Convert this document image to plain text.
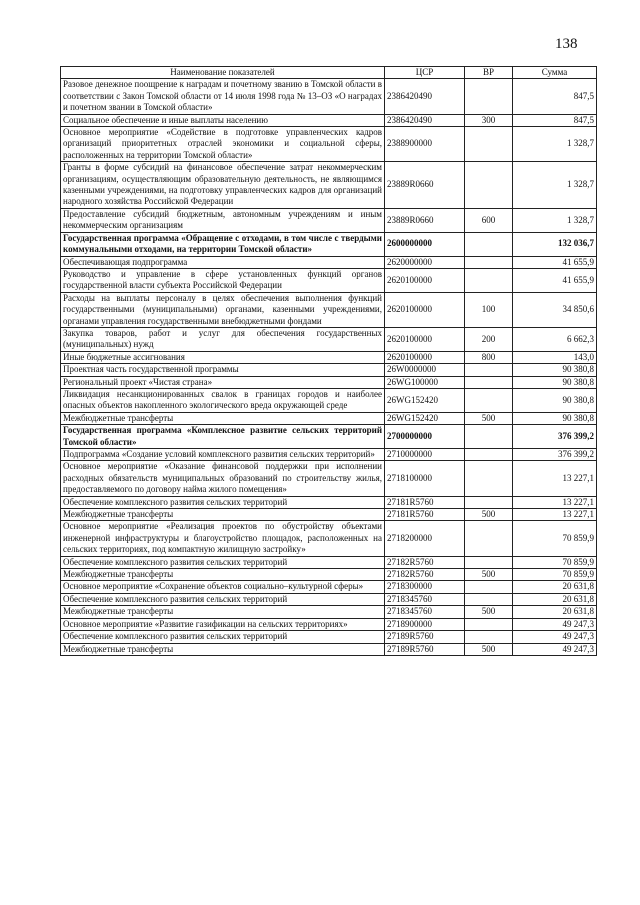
138
Наименование показателей	ЦСР	ВР	Сумма
Разовое денежное поощрение к наградам и почетному званию в Томской области в соответствии с Закон Томской области от 14 июля 1998 года № 13–ОЗ «О наградах и почетном звании в Томской области»	2386420490		847,5
Социальное обеспечение и иные выплаты населению	2386420490	300	847,5
Основное мероприятие «Содействие в подготовке управленческих кадров организаций приоритетных отраслей экономики и социальной сферы, расположенных на территории Томской области»	2388900000		1 328,7
Гранты в форме субсидий на финансовое обеспечение затрат некоммерческим организациям, осуществляющим образовательную деятельность, не являющимся казенными учреждениями, на подготовку управленческих кадров для организаций народного хозяйства Российской Федерации	23889R0660		1 328,7
Предоставление субсидий бюджетным, автономным учреждениям и иным некоммерческим организациям	23889R0660	600	1 328,7
Государственная программа «Обращение с отходами, в том числе с твердыми коммунальными отходами, на территории Томской области»	2600000000		132 036,7
Обеспечивающая подпрограмма	2620000000		41 655,9
Руководство и управление в сфере установленных функций органов государственной власти субъекта Российской Федерации	2620100000		41 655,9
Расходы на выплаты персоналу в целях обеспечения выполнения функций государственными (муниципальными) органами, казенными учреждениями, органами управления государственными внебюджетными фондами	2620100000	100	34 850,6
Закупка товаров, работ и услуг для обеспечения государственных (муниципальных) нужд	2620100000	200	6 662,3
Иные бюджетные ассигнования	2620100000	800	143,0
Проектная часть государственной программы	26W0000000		90 380,8
Региональный проект «Чистая страна»	26WG100000		90 380,8
Ликвидация несанкционированных свалок в границах городов и наиболее опасных объектов накопленного экологического вреда окружающей среде	26WG152420		90 380,8
Межбюджетные трансферты	26WG152420	500	90 380,8
Государственная программа «Комплексное развитие сельских территорий Томской области»	2700000000		376 399,2
Подпрограмма «Создание условий комплексного развития сельских территорий»	2710000000		376 399,2
Основное мероприятие «Оказание финансовой поддержки при исполнении расходных обязательств муниципальных образований по строительству жилья, предоставляемого по договору найма жилого помещения»	2718100000		13 227,1
Обеспечение комплексного развития сельских территорий	27181R5760		13 227,1
Межбюджетные трансферты	27181R5760	500	13 227,1
Основное мероприятие «Реализация проектов по обустройству объектами инженерной инфраструктуры и благоустройство площадок, расположенных на сельских территориях, под компактную жилищную застройку»	2718200000		70 859,9
Обеспечение комплексного развития сельских территорий	27182R5760		70 859,9
Межбюджетные трансферты	27182R5760	500	70 859,9
Основное мероприятие «Сохранение объектов социально–культурной сферы»	2718300000		20 631,8
Обеспечение комплексного развития сельских территорий	2718345760		20 631,8
Межбюджетные трансферты	2718345760	500	20 631,8
Основное мероприятие «Развитие газификации на сельских территориях»	2718900000		49 247,3
Обеспечение комплексного развития сельских территорий	27189R5760		49 247,3
Межбюджетные трансферты	27189R5760	500	49 247,3
